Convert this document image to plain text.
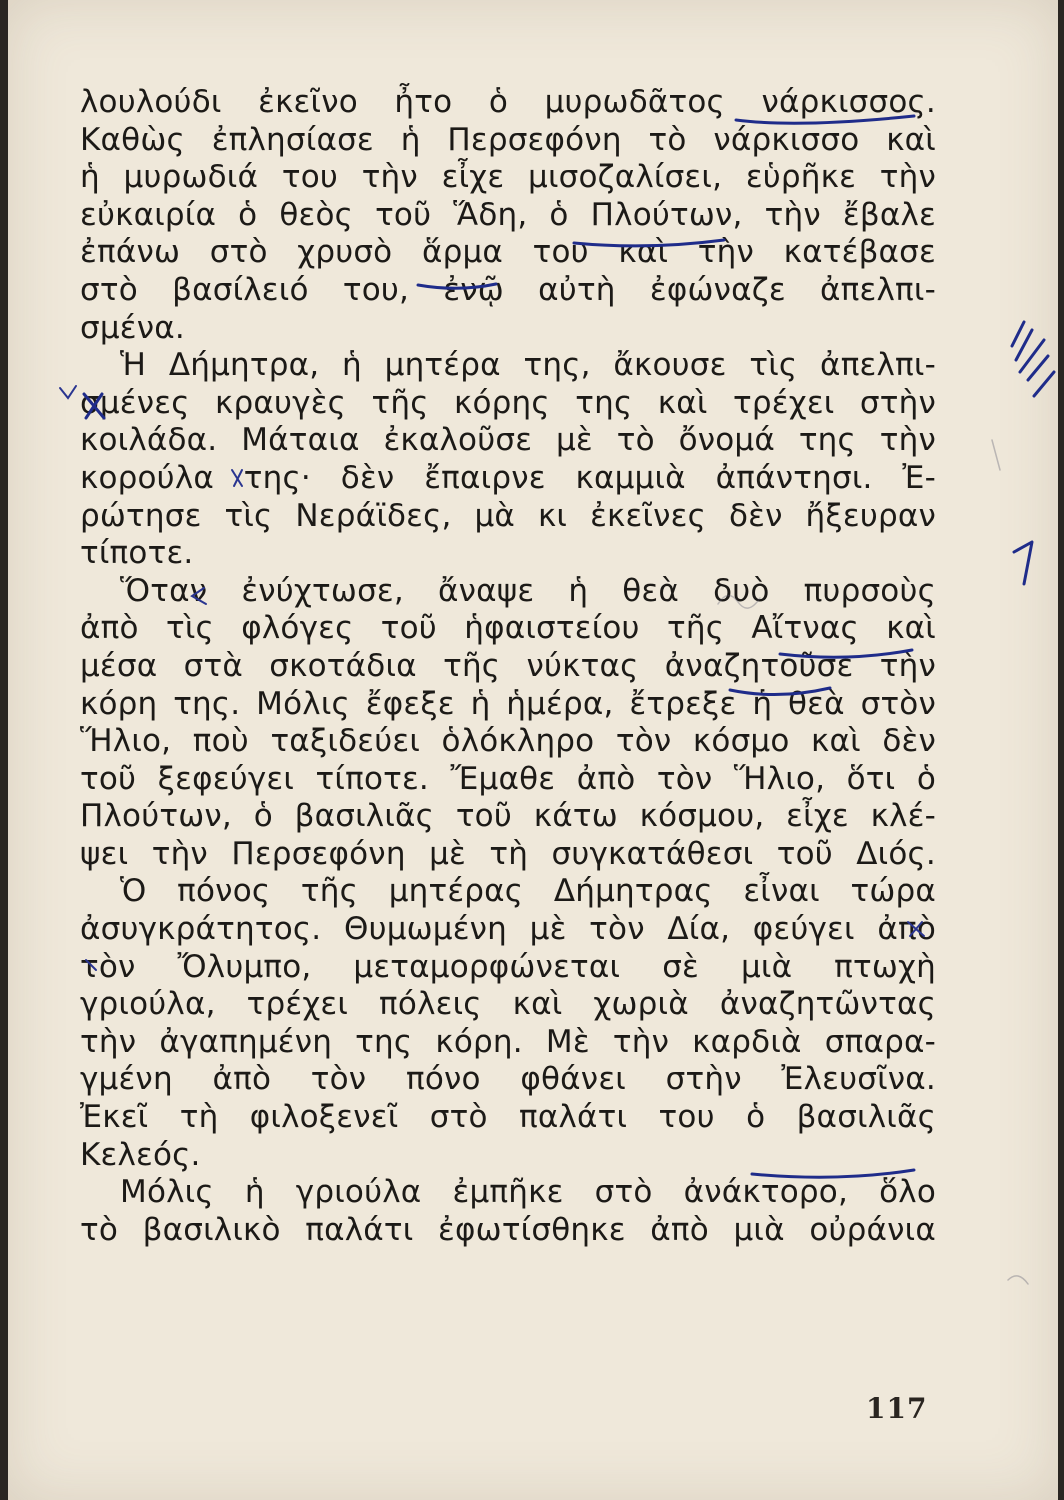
λουλούδι ἐκεῖνο ἦτο ὁ μυρωδᾶτος νάρκισσος.
Καθὼς ἐπλησίασε ἡ Περσεφόνη τὸ νάρκισσο καὶ
ἡ μυρωδιά του τὴν εἶχε μισοζαλίσει, εὑρῆκε τὴν
εὐκαιρία ὁ θεὸς τοῦ Ἅδη, ὁ Πλούτων, τὴν ἔβαλε
ἐπάνω στὸ χρυσὸ ἅρμα του καὶ τὴν κατέβασε
στὸ βασίλειό του, ἐνῷ αὐτὴ ἐφώναζε ἀπελπι-
σμένα.
Ἡ Δήμητρα, ἡ μητέρα της, ἄκουσε τὶς ἀπελπι-
σμένες κραυγὲς τῆς κόρης της καὶ τρέχει στὴν
κοιλάδα. Μάταια ἐκαλοῦσε μὲ τὸ ὄνομά της τὴν
κορούλα της· δὲν ἔπαιρνε καμμιὰ ἀπάντησι. Ἐ-
ρώτησε τὶς Νεράϊδες, μὰ κι ἐκεῖνες δὲν ἤξευραν
τίποτε.
Ὅταν ἐνύχτωσε, ἄναψε ἡ θεὰ δυὸ πυρσοὺς
ἀπὸ τὶς φλόγες τοῦ ἡφαιστείου τῆς Αἴτνας καὶ
μέσα στὰ σκοτάδια τῆς νύκτας ἀναζητοῦσε τὴν
κόρη της. Μόλις ἔφεξε ἡ ἡμέρα, ἔτρεξε ἡ θεὰ στὸν
Ἥλιο, ποὺ ταξιδεύει ὁλόκληρο τὸν κόσμο καὶ δὲν
τοῦ ξεφεύγει τίποτε. Ἔμαθε ἀπὸ τὸν Ἥλιο, ὅτι ὁ
Πλούτων, ὁ βασιλιᾶς τοῦ κάτω κόσμου, εἶχε κλέ-
ψει τὴν Περσεφόνη μὲ τὴ συγκατάθεσι τοῦ Διός.
Ὁ πόνος τῆς μητέρας Δήμητρας εἶναι τώρα
ἀσυγκράτητος. Θυμωμένη μὲ τὸν Δία, φεύγει ἀπὸ
τὸν Ὄλυμπο, μεταμορφώνεται σὲ μιὰ πτωχὴ
γριούλα, τρέχει πόλεις καὶ χωριὰ ἀναζητῶντας
τὴν ἀγαπημένη της κόρη. Μὲ τὴν καρδιὰ σπαρα-
γμένη ἀπὸ τὸν πόνο φθάνει στὴν Ἐλευσῖνα.
Ἐκεῖ τὴ φιλοξενεῖ στὸ παλάτι του ὁ βασιλιᾶς
Κελεός.
Μόλις ἡ γριούλα ἐμπῆκε στὸ ἀνάκτορο, ὅλο
τὸ βασιλικὸ παλάτι ἐφωτίσθηκε ἀπὸ μιὰ οὐράνια
117
